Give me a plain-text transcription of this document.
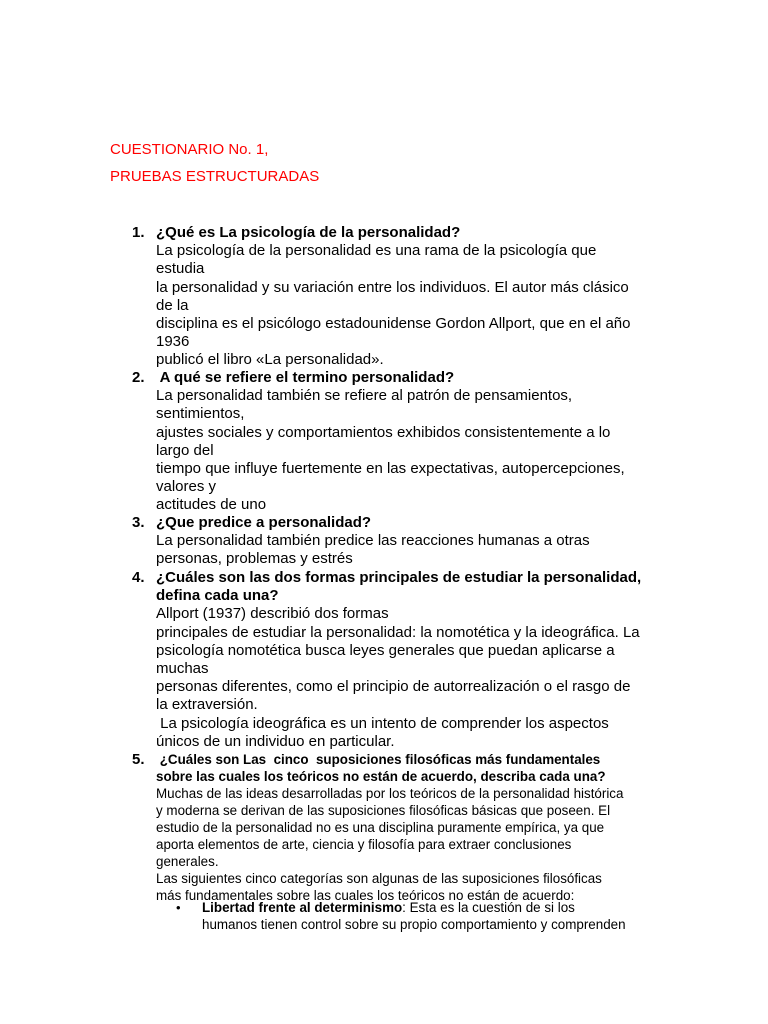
CUESTIONARIO No. 1,

PRUEBAS ESTRUCTURADAS

1. ¿Qué es La psicología de la personalidad?
La psicología de la personalidad es una rama de la psicología que
estudia
la personalidad y su variación entre los individuos. El autor más clásico
de la
disciplina es el psicólogo estadounidense Gordon Allport, que en el año
1936
publicó el libro «La personalidad».
2. A qué se refiere el termino personalidad?
La personalidad también se refiere al patrón de pensamientos,
sentimientos,
ajustes sociales y comportamientos exhibidos consistentemente a lo
largo del
tiempo que influye fuertemente en las expectativas, autopercepciones,
valores y
actitudes de uno
3. ¿Que predice a personalidad?
La personalidad también predice las reacciones humanas a otras
personas, problemas y estrés
4. ¿Cuáles son las dos formas principales de estudiar la personalidad,
defina cada una?
Allport (1937) describió dos formas
principales de estudiar la personalidad: la nomotética y la ideográfica. La
psicología nomotética busca leyes generales que puedan aplicarse a
muchas
personas diferentes, como el principio de autorrealización o el rasgo de
la extraversión.
La psicología ideográfica es un intento de comprender los aspectos
únicos de un individuo en particular.
5. ¿Cuáles son Las  cinco  suposiciones filosóficas más fundamentales
sobre las cuales los teóricos no están de acuerdo, describa cada una?
Muchas de las ideas desarrolladas por los teóricos de la personalidad histórica
y moderna se derivan de las suposiciones filosóficas básicas que poseen. El
estudio de la personalidad no es una disciplina puramente empírica, ya que
aporta elementos de arte, ciencia y filosofía para extraer conclusiones
generales.
Las siguientes cinco categorías son algunas de las suposiciones filosóficas
más fundamentales sobre las cuales los teóricos no están de acuerdo:
• Libertad frente al determinismo: Esta es la cuestión de si los
humanos tienen control sobre su propio comportamiento y comprenden
